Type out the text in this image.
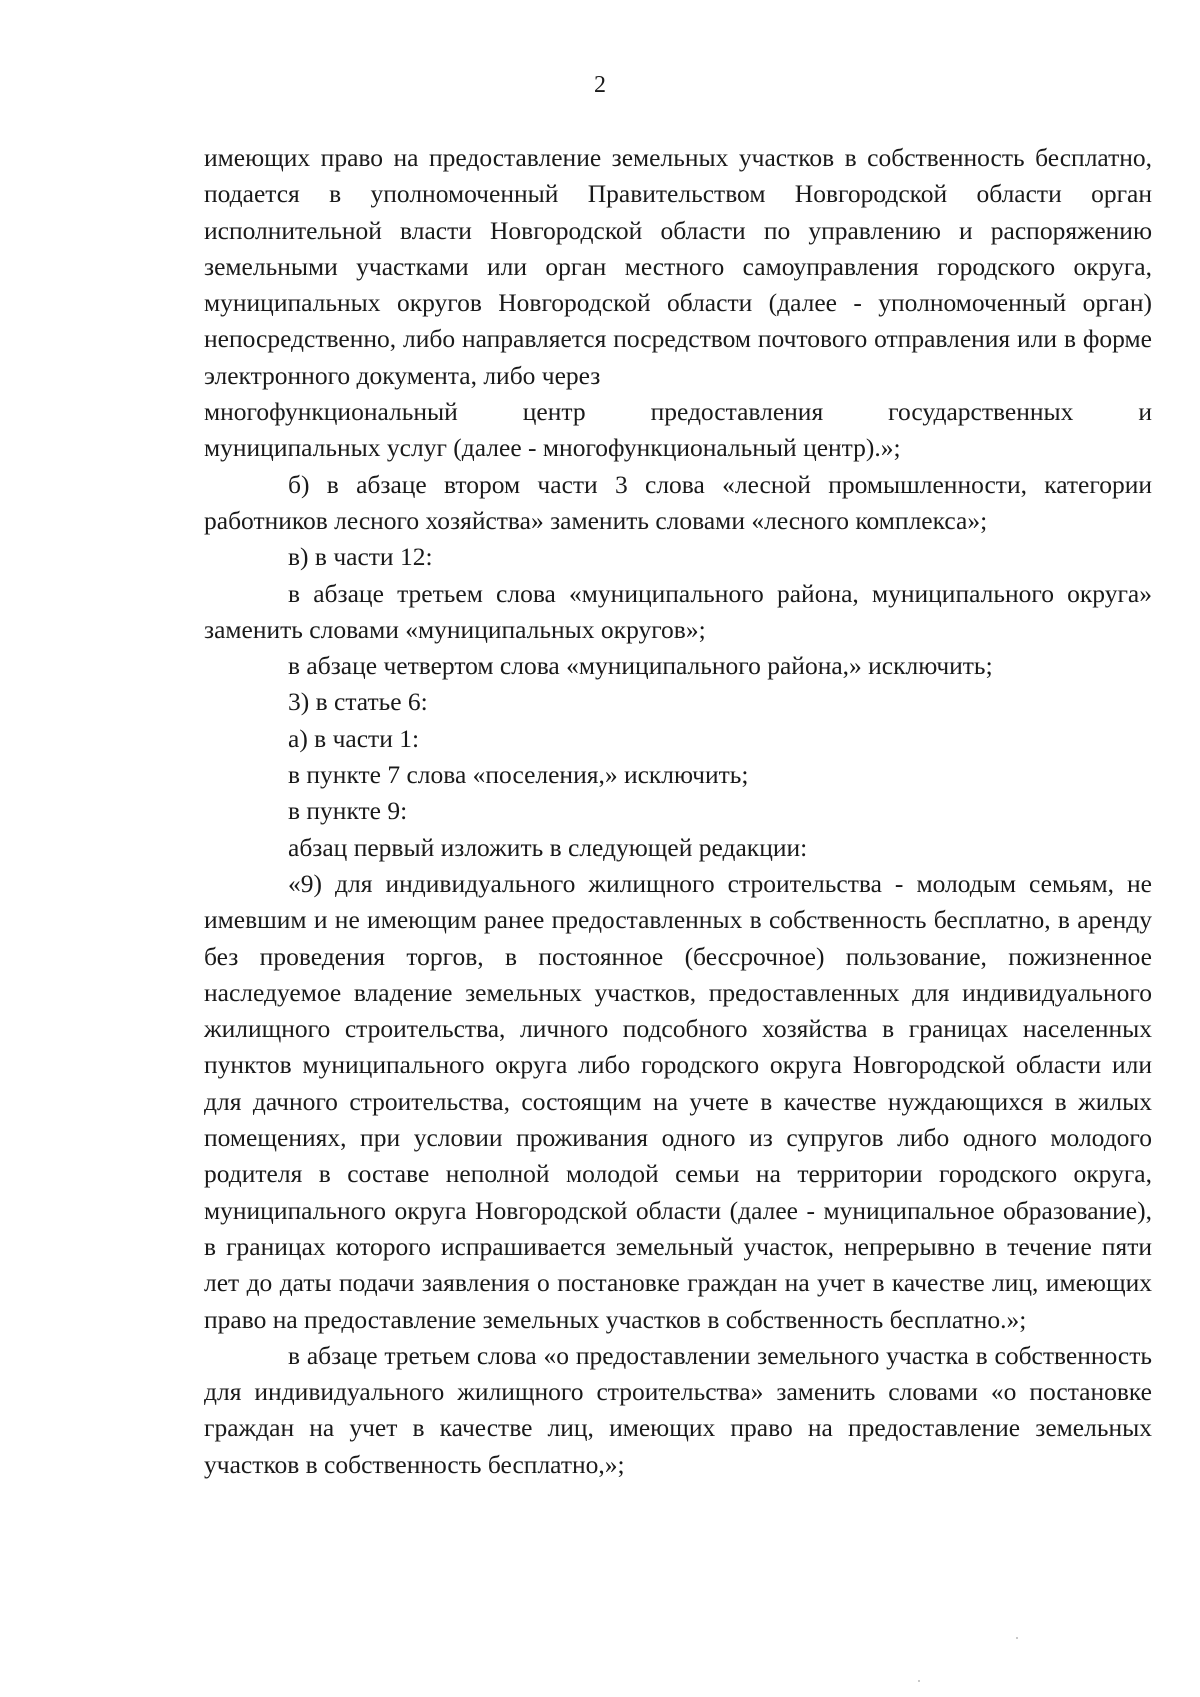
2

имеющих право на предоставление земельных участков в собственность бесплатно, подается в уполномоченный Правительством Новгородской области орган исполнительной власти Новгородской области по управлению и распоряжению земельными участками или орган местного самоуправления городского округа, муниципальных округов Новгородской области (далее - уполномоченный орган) непосредственно, либо направляется посредством почтового отправления или в форме электронного документа, либо через

многофункциональный центр предоставления государственных и

муниципальных услуг (далее - многофункциональный центр).»;

б) в абзаце втором части 3 слова «лесной промышленности, категории работников лесного хозяйства» заменить словами «лесного комплекса»;

в) в части 12:

в абзаце третьем слова «муниципального района, муниципального округа» заменить словами «муниципальных округов»;

в абзаце четвертом слова «муниципального района,» исключить;

3) в статье 6:

а) в части 1:

в пункте 7 слова «поселения,» исключить;

в пункте 9:

абзац первый изложить в следующей редакции:

«9) для индивидуального жилищного строительства - молодым семьям, не имевшим и не имеющим ранее предоставленных в собственность бесплатно, в аренду без проведения торгов, в постоянное (бессрочное) пользование, пожизненное наследуемое владение земельных участков, предоставленных для индивидуального жилищного строительства, личного подсобного хозяйства в границах населенных пунктов муниципального округа либо городского округа Новгородской области или для дачного строительства, состоящим на учете в качестве нуждающихся в жилых помещениях, при условии проживания одного из супругов либо одного молодого родителя в составе неполной молодой семьи на территории городского округа, муниципального округа Новгородской области (далее - муниципальное образование), в границах которого испрашивается земельный участок, непрерывно в течение пяти лет до даты подачи заявления о постановке граждан на учет в качестве лиц, имеющих право на предоставление земельных участков в собственность бесплатно.»;

в абзаце третьем слова «о предоставлении земельного участка в собственность для индивидуального жилищного строительства» заменить словами «о постановке граждан на учет в качестве лиц, имеющих право на предоставление земельных участков в собственность бесплатно,»;
